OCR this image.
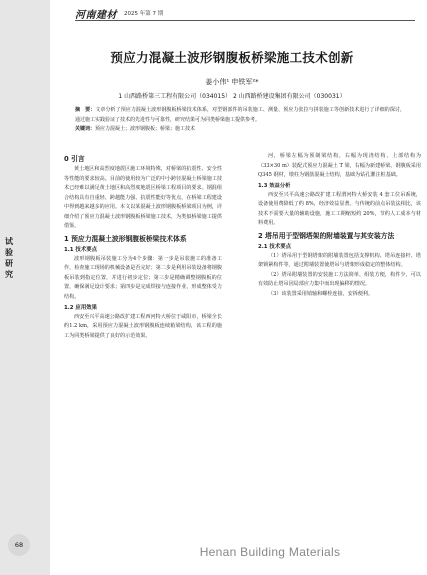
试验研究
河南建材 2025 年第 7 期
预应力混凝土波形钢腹板桥梁施工技术创新
姜小伟¹ 申铁军²*
1 山西路桥第三工程有限公司（034015） 2 山西路桥建设集团有限公司（030031）
摘　要：文章分析了预应力混凝土波形钢腹板桥梁技术体系，对型钢部件的吊装施工、测量、预应力张拉与拼装施工等创新技术进行了详细的探讨，通过施工实践验证了技术的先进性与可靠性，研究结果可为同类桥梁施工提供参考。
关键词：预应力混凝土；波形钢腹板；桥梁；施工技术
0 引言

黄土地区和高烈度地震区施工环境特殊，对桥梁的抗震性、安全性等性能的要求较高。目前的使用较为广泛的中小跨径混凝土桥梁施工技术已经难以满足黄土地区和高烈度地震区桥梁工程项目的要求。钢混组合结构具有自重轻、跨越能力强、抗震性能好等优点，在桥梁工程建设中得到越来越多的应用。本文以某混凝土波形钢腹板桥梁项目为例，详细介绍了预应力混凝土波形钢腹板桥梁施工技术，为类似桥梁施工提供借鉴。

1 预应力混凝土波形钢腹板桥梁技术体系
1.1 技术要点

波形钢腹板吊装施工分为4个步骤：第一步是吊装施工的准备工作，检查施工现场的机械设备是否完好；第二步是利用吊装设备将钢腹板吊装到指定位置，并进行初步定位；第三步是精确调整钢腹板的位置，确保满足设计要求；第四步是完成焊接与连接作业，形成整体受力结构。

1.2 应用效果

西安至兴平高速公路改扩建工程西河特大桥位于咸阳市，桥梁全长约1.2 km，采用预应力混凝土波形钢腹板连续箱梁结构，该工程的施工为同类桥梁提供了良好的示范效果。

河，桥梁左幅为预制梁结构，右幅为现浇结构，上部结构为（33×30 m）装配式预应力混凝土 T 梁，右幅为新建桥梁。钢腹板采用 Q345 钢材，墩柱为钢筋混凝土结构，基础为钻孔灌注桩基础。

1.3 效益分析

西安至兴平高速公路改扩建工程渭河特大桥安装 4 套工位吊系统，设备使用费降低了约 8%，经济效益显著。与传统的前点吊装法相比，该技术不需要大量的辅助设施，施工工期缩短约 20%，节约人工成本与材料费用。

2 塔吊用于型钢塔架的附墙装置与其安装方法
2.1 技术要点

（1）塔吊用于型钢塔架的附墙装置包括支撑机构、塔吊连接杆、塔架锁紧构件等，通过附墙装置使塔吊与塔架形成稳定的整体结构。

（2）塔吊附墙装置的安装施工方法简单，组装方便，构件少，可以有效防止塔吊因局部应力集中而出现偏移的情况。

（3）该装置采用销轴和螺栓连接，安拆便利。

68	Henan Building Materials
